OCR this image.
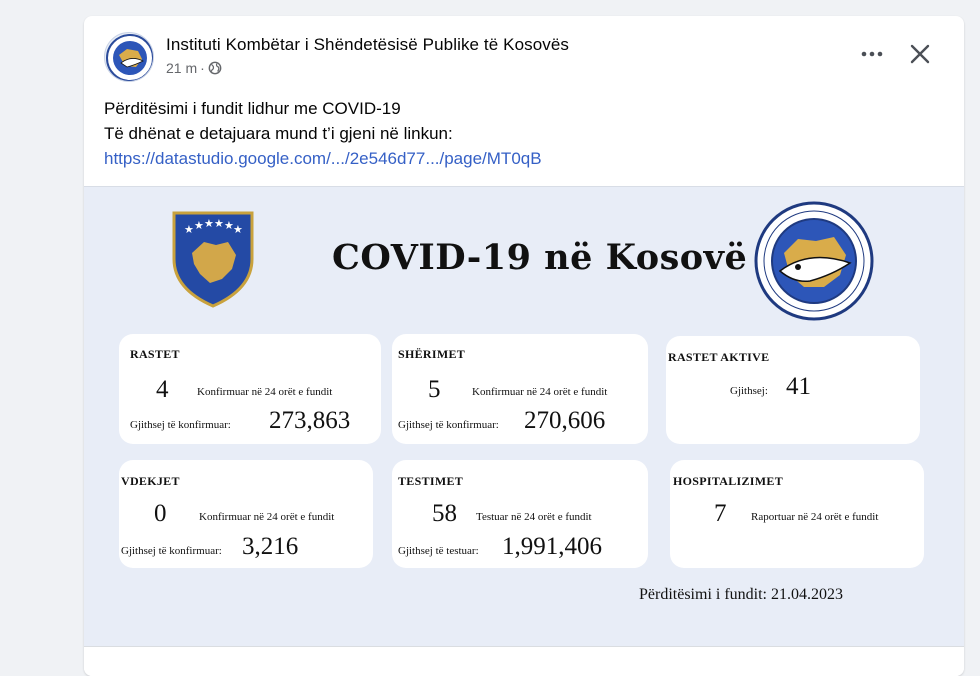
Instituti Kombëtar i Shëndetësisë Publike të Kosovës
21 m ·
Përditësimi i fundit lidhur me COVID-19
Të dhënat e detajuara mund t’i gjeni në linkun:
https://datastudio.google.com/.../2e546d77.../page/MT0qB
★ ★ ★ ★ ★ ★
COVID-19 në Kosovë
RASTET
4	Konfirmuar në 24 orët e fundit
Gjithsej të konfirmuar: 273,863
SHËRIMET
5	Konfirmuar në 24 orët e fundit
Gjithsej të konfirmuar: 270,606
RASTET AKTIVE
Gjithsej: 41
VDEKJET
0	Konfirmuar në 24 orët e fundit
Gjithsej të konfirmuar: 3,216
TESTIMET
58 Testuar në 24 orët e fundit
Gjithsej të testuar: 1,991,406
HOSPITALIZIMET
7 Raportuar në 24 orët e fundit
Përditësimi i fundit: 21.04.2023
